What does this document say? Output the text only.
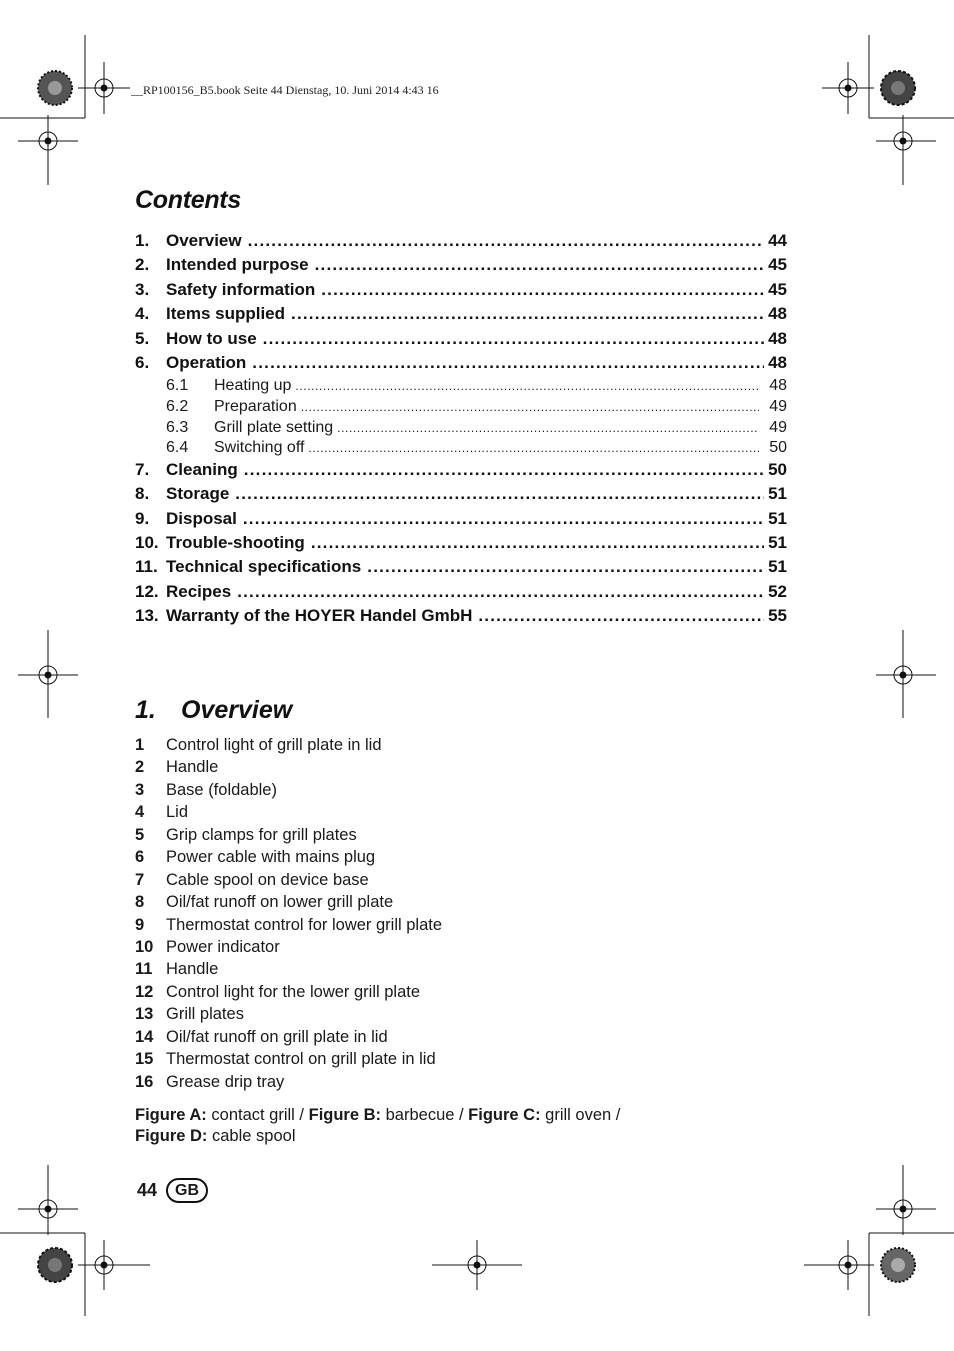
__RP100156_B5.book Seite 44 Dienstag, 10. Juni 2014 4:43 16
Contents
1. Overview .....	44
2. Intended purpose .....	45
3. Safety information .....	45
4. Items supplied .....	48
5. How to use .....	48
6. Operation .....	48
6.1	Heating up .....	48
6.2	Preparation .....	49
6.3	Grill plate setting .....	49
6.4	Switching off .....	50
7. Cleaning .....	50
8. Storage .....	51
9. Disposal .....	51
10. Trouble-shooting .....	51
11. Technical specifications .....	51
12. Recipes .....	52
13. Warranty of the HOYER Handel GmbH .....	55
1. Overview
1	Control light of grill plate in lid
2	Handle
3	Base (foldable)
4	Lid
5	Grip clamps for grill plates
6	Power cable with mains plug
7	Cable spool on device base
8	Oil/fat runoff on lower grill plate
9	Thermostat control for lower grill plate
10 Power indicator
11 Handle
12 Control light for the lower grill plate
13 Grill plates
14 Oil/fat runoff on grill plate in lid
15 Thermostat control on grill plate in lid
16 Grease drip tray
Figure A: contact grill / Figure B: barbecue / Figure C: grill oven /
Figure D: cable spool
44	GB
